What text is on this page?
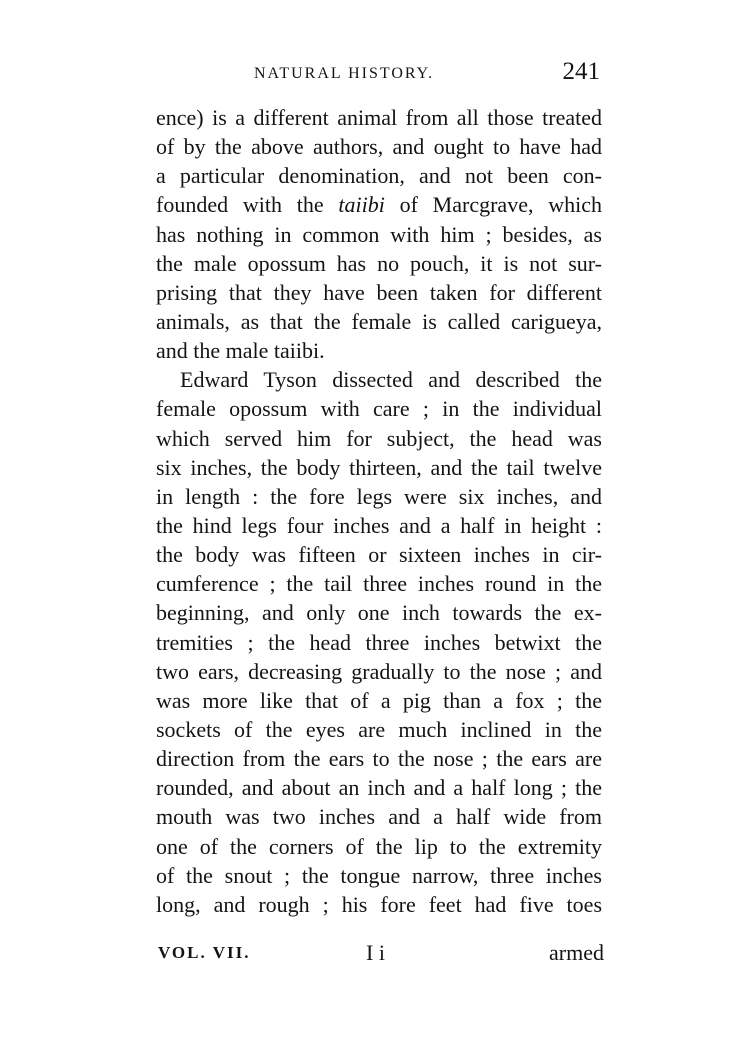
NATURAL HISTORY.	241
ence) is a different animal from all those treated
of by the above authors, and ought to have had
a particular denomination, and not been con-
founded with the taiibi of Marcgrave, which
has nothing in common with him ; besides, as
the male opossum has no pouch, it is not sur-
prising that they have been taken for different
animals, as that the female is called carigueya,
and the male taiibi.
Edward Tyson dissected and described the
female opossum with care ; in the individual
which served him for subject, the head was
six inches, the body thirteen, and the tail twelve
in length : the fore legs were six inches, and
the hind legs four inches and a half in height :
the body was fifteen or sixteen inches in cir-
cumference ; the tail three inches round in the
beginning, and only one inch towards the ex-
tremities ; the head three inches betwixt the
two ears, decreasing gradually to the nose ; and
was more like that of a pig than a fox ; the
sockets of the eyes are much inclined in the
direction from the ears to the nose ; the ears are
rounded, and about an inch and a half long ; the
mouth was two inches and a half wide from
one of the corners of the lip to the extremity
of the snout ; the tongue narrow, three inches
long, and rough ; his fore feet had five toes
VOL. VII.	I i	armed
